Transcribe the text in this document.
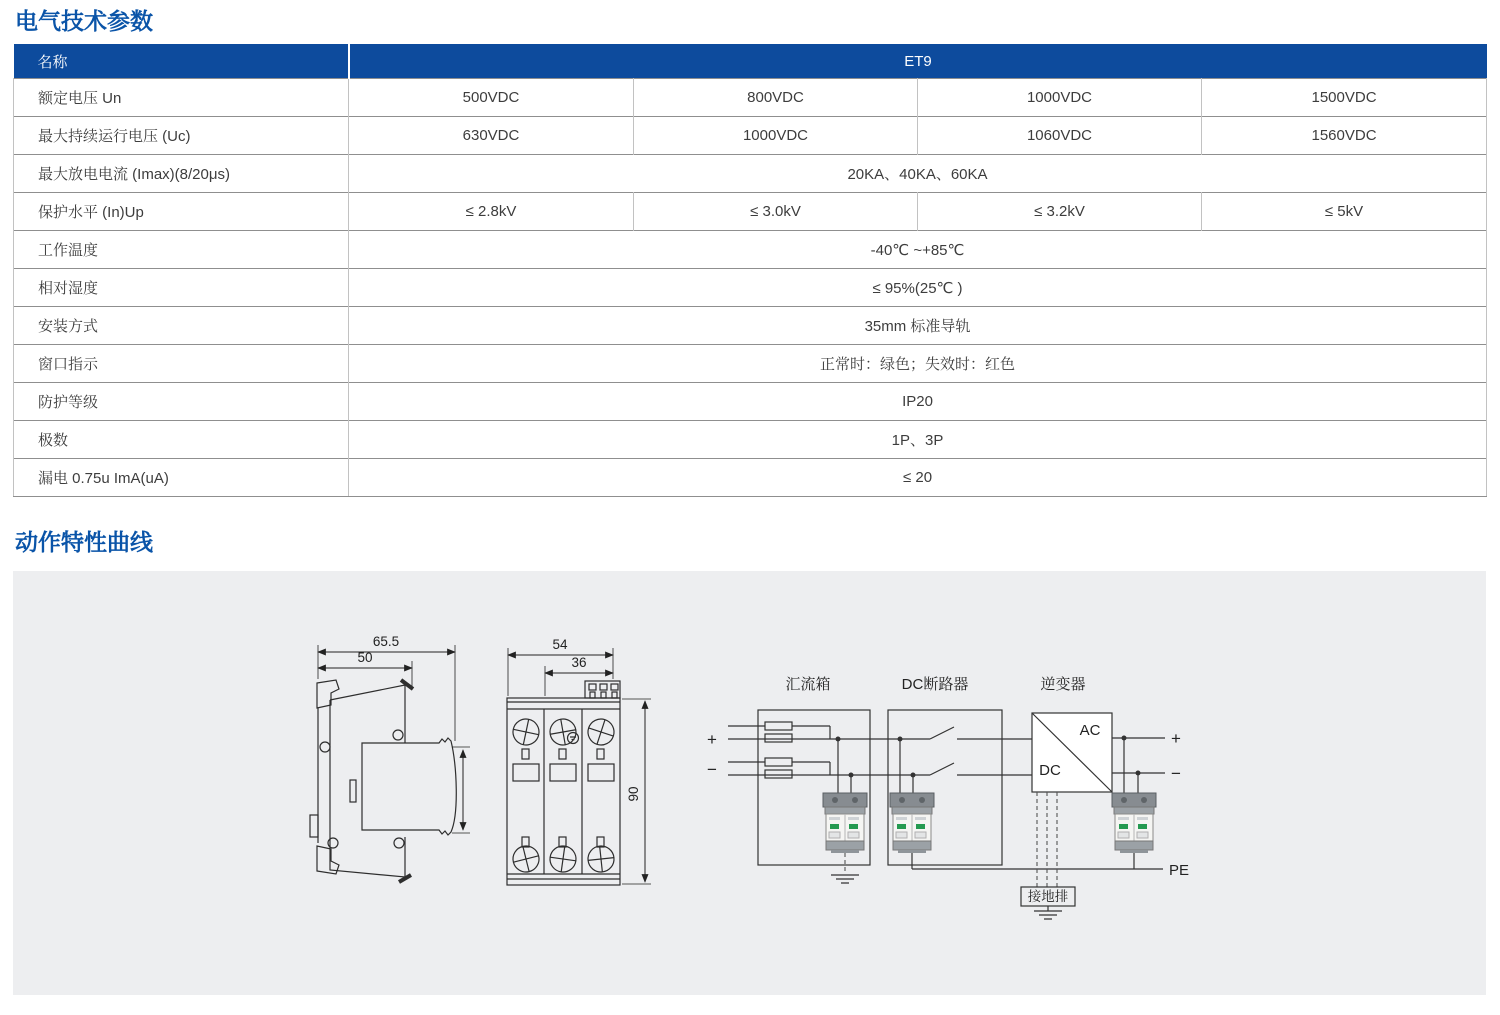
电气技术参数
名称	ET9			
额定电压 Un	500VDC	800VDC	1000VDC	1500VDC
最大持续运行电压 (Uc)	630VDC	1000VDC	1060VDC	1560VDC
最大放电电流 (Imax)(8/20μs)	20KA、40KA、60KA			
保护水平 (In)Up	≤ 2.8kV	≤ 3.0kV	≤ 3.2kV	≤ 5kV
工作温度	-40℃ ~+85℃			
相对湿度	≤ 95%(25℃ )			
安装方式	35mm 标准导轨			
窗口指示	正常时：绿色；失效时：红色			
防护等级	IP20			
极数	1P、3P			
漏电 0.75u ImA(uA)	≤ 20			
动作特性曲线
65.5
50
54
36
90
汇流箱	DC断路器	逆变器
AC
DC
+
−
+
−
PE
接地排
